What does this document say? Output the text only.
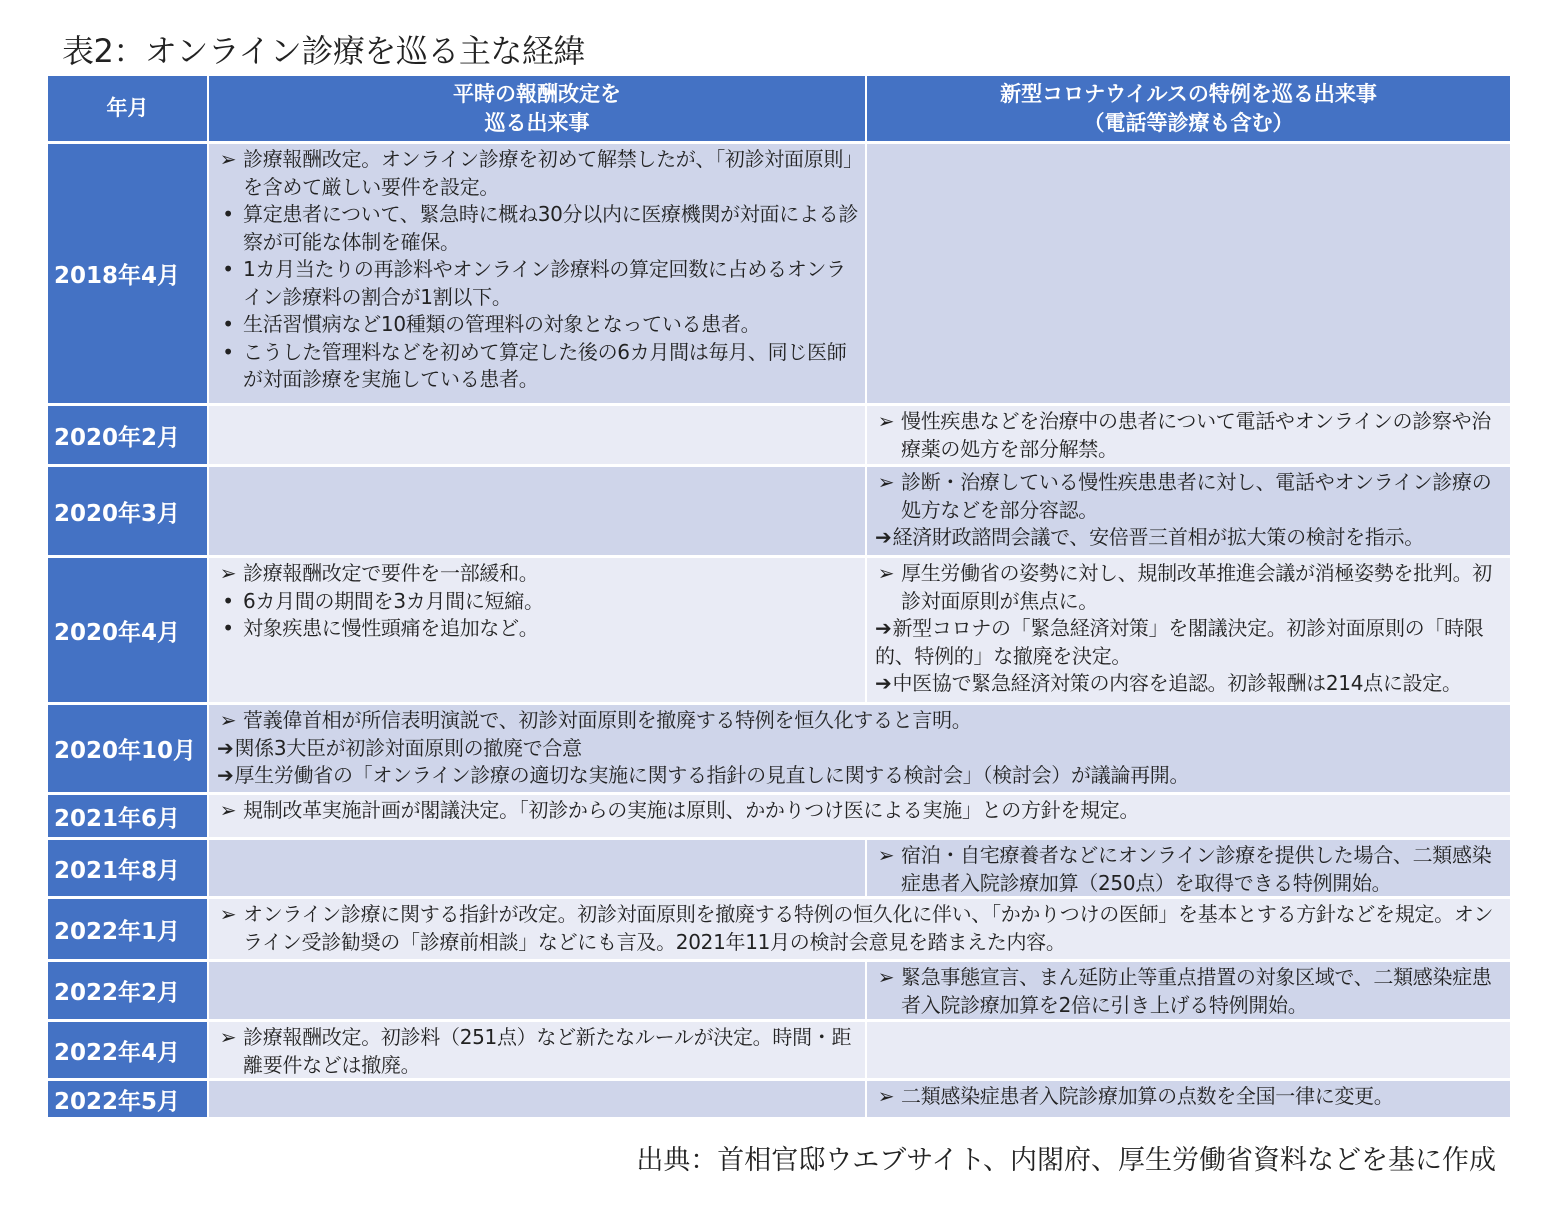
表2：オンライン診療を巡る主な経緯
年月
平時の報酬改定を
巡る出来事
新型コロナウイルスの特例を巡る出来事
（電話等診療も含む）
2018年4月
➢ 診療報酬改定。オンライン診療を初めて解禁したが、「初診対面原則」を含めて厳しい要件を設定。
• 算定患者について、緊急時に概ね30分以内に医療機関が対面による診察が可能な体制を確保。
• 1カ月当たりの再診料やオンライン診療料の算定回数に占めるオンライン診療料の割合が1割以下。
• 生活習慣病など10種類の管理料の対象となっている患者。
• こうした管理料などを初めて算定した後の6カ月間は毎月、同じ医師が対面診療を実施している患者。
2020年2月
➢ 慢性疾患などを治療中の患者について電話やオンラインの診察や治療薬の処方を部分解禁。
2020年3月
➢ 診断・治療している慢性疾患患者に対し、電話やオンライン診療の処方などを部分容認。
➔経済財政諮問会議で、安倍晋三首相が拡大策の検討を指示。
2020年4月
➢ 診療報酬改定で要件を一部緩和。
• 6カ月間の期間を3カ月間に短縮。
• 対象疾患に慢性頭痛を追加など。
➢ 厚生労働省の姿勢に対し、規制改革推進会議が消極姿勢を批判。初診対面原則が焦点に。
➔新型コロナの「緊急経済対策」を閣議決定。初診対面原則の「時限的、特例的」な撤廃を決定。
➔中医協で緊急経済対策の内容を追認。初診報酬は214点に設定。
2020年10月
➢ 菅義偉首相が所信表明演説で、初診対面原則を撤廃する特例を恒久化すると言明。
➔関係3大臣が初診対面原則の撤廃で合意
➔厚生労働省の「オンライン診療の適切な実施に関する指針の見直しに関する検討会」（検討会）が議論再開。
2021年6月	➢ 規制改革実施計画が閣議決定。「初診からの実施は原則、かかりつけ医による実施」との方針を規定。
2021年8月
➢ 宿泊・自宅療養者などにオンライン診療を提供した場合、二類感染症患者入院診療加算（250点）を取得できる特例開始。
2022年1月
➢ オンライン診療に関する指針が改定。初診対面原則を撤廃する特例の恒久化に伴い、「かかりつけの医師」を基本とする方針などを規定。オンライン受診勧奨の「診療前相談」などにも言及。2021年11月の検討会意見を踏まえた内容。
2022年2月
➢ 緊急事態宣言、まん延防止等重点措置の対象区域で、二類感染症患者入院診療加算を2倍に引き上げる特例開始。
2022年4月
➢ 診療報酬改定。初診料（251点）など新たなルールが決定。時間・距離要件などは撤廃。
2022年5月	➢ 二類感染症患者入院診療加算の点数を全国一律に変更。
出典：首相官邸ウエブサイト、内閣府、厚生労働省資料などを基に作成
